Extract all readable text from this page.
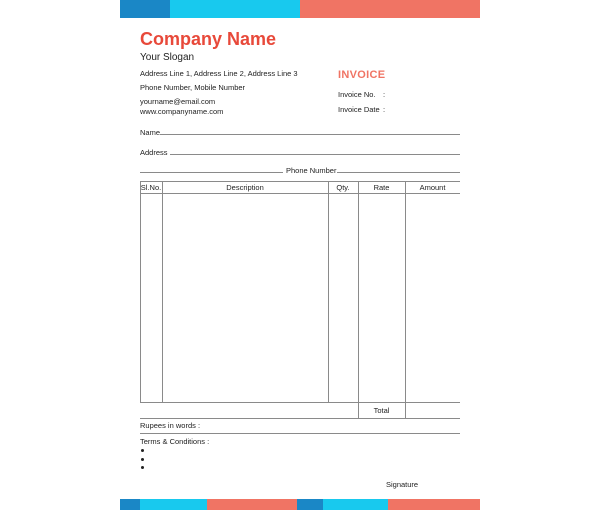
Company Name
Your Slogan
Address Line 1, Address Line 2, Address Line 3
Phone Number, Mobile Number
yourname@email.com
www.companyname.com
INVOICE
Invoice No. :
Invoice Date :
Name
Address
Phone Number
Sl.No.	Description	Qty.	Rate	Amount
Total
Rupees in words :
Terms & Conditions :
Signature
